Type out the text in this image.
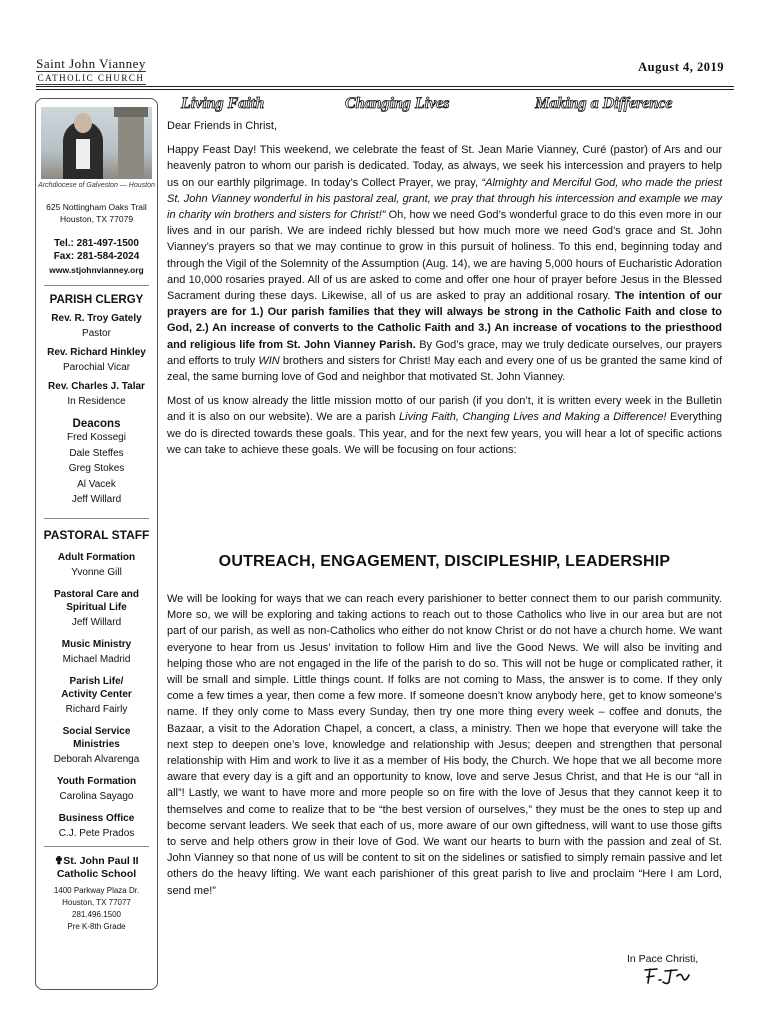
Saint John Vianney
CATHOLIC CHURCH
August 4, 2019
Living Faith	Changing Lives	Making a Difference
Archdiocese of Galveston — Houston
625 Nottingham Oaks Trail
Houston, TX 77079
Tel.: 281-497-1500
Fax: 281-584-2024
www.stjohnvianney.org
PARISH CLERGY
Rev. R. Troy Gately
Pastor
Rev. Richard Hinkley
Parochial Vicar
Rev. Charles J. Talar
In Residence
Deacons
Fred Kossegi
Dale Steffes
Greg Stokes
Al Vacek
Jeff Willard
PASTORAL STAFF
Adult Formation
Yvonne Gill
Pastoral Care and Spiritual Life
Jeff Willard
Music Ministry
Michael Madrid
Parish Life/ Activity Center
Richard Fairly
Social Service Ministries
Deborah Alvarenga
Youth Formation
Carolina Sayago
Business Office
C.J. Pete Prados
✟St. John Paul II Catholic School
1400 Parkway Plaza Dr.
Houston, TX 77077
281.496.1500
Pre K-8th Grade

Dear Friends in Christ,

Happy Feast Day! This weekend, we celebrate the feast of St. Jean Marie Vianney, Curé (pastor) of Ars and our heavenly patron to whom our parish is dedicated. Today, as always, we seek his intercession and prayers to help us on our earthly pilgrimage. In today’s Collect Prayer, we pray, “Almighty and Merciful God, who made the priest St. John Vianney wonderful in his pastoral zeal, grant, we pray that through his intercession and example we may in charity win brothers and sisters for Christ!” Oh, how we need God’s wonderful grace to do this even more in our lives and in our parish. We are indeed richly blessed but how much more we need God’s grace and St. John Vianney’s prayers so that we may continue to grow in this pursuit of holiness. To this end, beginning today and through the Vigil of the Solemnity of the Assumption (Aug. 14), we are having 5,000 hours of Eucharistic Adoration and 10,000 rosaries prayed. All of us are asked to come and offer one hour of prayer before Jesus in the Blessed Sacrament during these days. Likewise, all of us are asked to pray an additional rosary. The intention of our prayers are for 1.) Our parish families that they will always be strong in the Catholic Faith and close to God, 2.) An increase of converts to the Catholic Faith and 3.) An increase of vocations to the priesthood and religious life from St. John Vianney Parish. By God’s grace, may we truly dedicate ourselves, our prayers and efforts to truly WIN brothers and sisters for Christ! May each and every one of us be granted the same kind of zeal, the same burning love of God and neighbor that motivated St. John Vianney.

Most of us know already the little mission motto of our parish (if you don’t, it is written every week in the Bulletin and it is also on our website). We are a parish Living Faith, Changing Lives and Making a Difference! Everything we do is directed towards these goals. This year, and for the next few years, you will hear a lot of specific actions we can take to achieve these goals. We will be focusing on four actions:

OUTREACH, ENGAGEMENT, DISCIPLESHIP, LEADERSHIP

We will be looking for ways that we can reach every parishioner to better connect them to our parish community. More so, we will be exploring and taking actions to reach out to those Catholics who live in our area but are not part of our parish, as well as non-Catholics who either do not know Christ or do not have a church home. We want everyone to hear from us Jesus’ invitation to follow Him and live the Good News. We will also be inviting and helping those who are not engaged in the life of the parish to do so. This will not be huge or complicated rather, it will be small and simple. Little things count. If folks are not coming to Mass, the answer is to come. If they only come a few times a year, then come a few more. If someone doesn’t know anybody here, get to know someone’s name. If they only come to Mass every Sunday, then try one more thing every week – coffee and donuts, the Bazaar, a visit to the Adoration Chapel, a concert, a class, a ministry. Then we hope that everyone will take the next step to deepen one’s love, knowledge and relationship with Jesus; deepen and strengthen that personal relationship with Him and work to live it as a member of His body, the Church. We hope that we all become more aware that every day is a gift and an opportunity to know, love and serve Jesus Christ, and that He is our “all in all”! Lastly, we want to have more and more people so on fire with the love of Jesus that they cannot keep it to themselves and come to realize that to be “the best version of ourselves,” they must be the ones to step up and become servant leaders. We seek that each of us, more aware of our own giftedness, will want to use those gifts to serve and help others grow in their love of God. We want our hearts to burn with the passion and zeal of St. John Vianney so that none of us will be content to sit on the sidelines or satisfied to simply remain passive and let others do the heavy lifting. We want each parishioner of this great parish to live and proclaim “Here I am Lord, send me!”

In Pace Christi,
